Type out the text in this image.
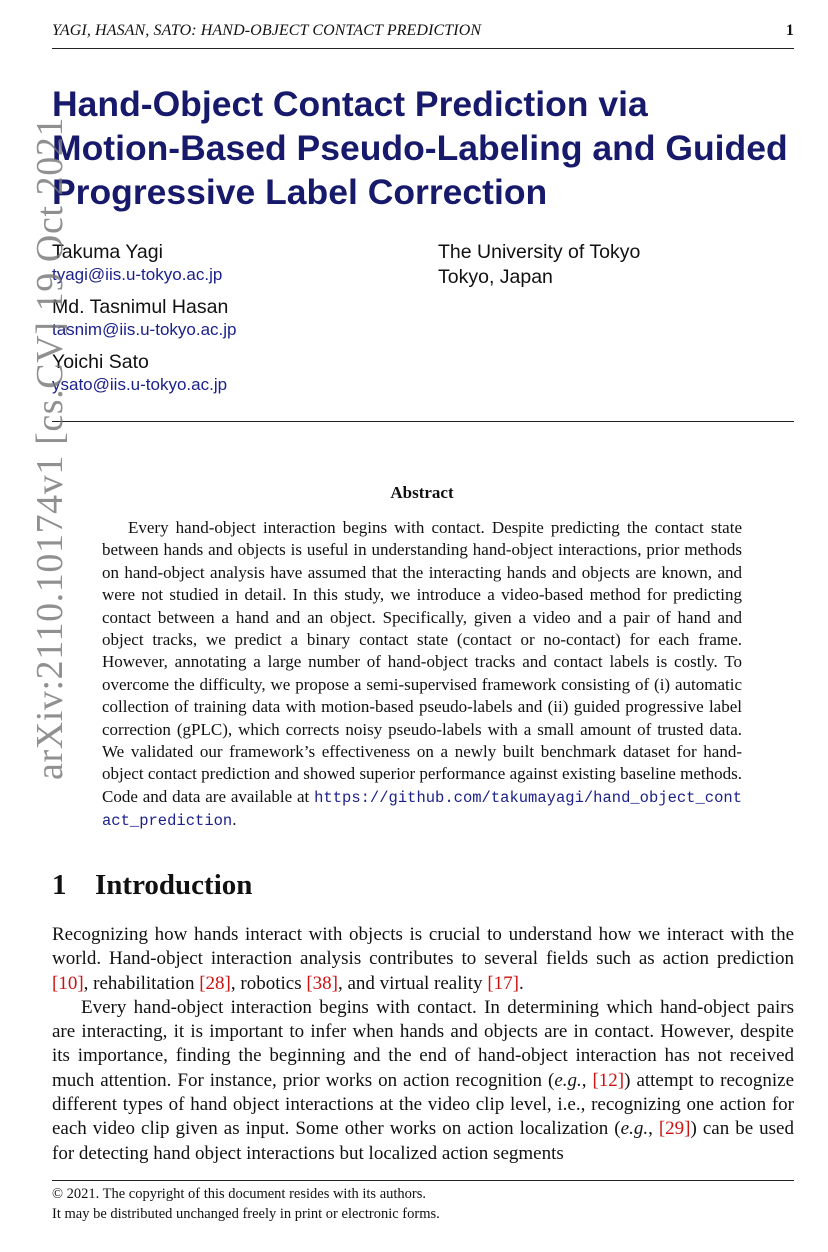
YAGI, HASAN, SATO: HAND-OBJECT CONTACT PREDICTION	1
Hand-Object Contact Prediction via
Motion-Based Pseudo-Labeling and Guided
Progressive Label Correction
Takuma Yagi
tyagi@iis.u-tokyo.ac.jp
Md. Tasnimul Hasan
tasnim@iis.u-tokyo.ac.jp
Yoichi Sato
ysato@iis.u-tokyo.ac.jp
The University of Tokyo
Tokyo, Japan
Abstract

Every hand-object interaction begins with contact. Despite predicting the contact state between hands and objects is useful in understanding hand-object interactions, prior methods on hand-object analysis have assumed that the interacting hands and objects are known, and were not studied in detail. In this study, we introduce a video-based method for predicting contact between a hand and an object. Specifically, given a video and a pair of hand and object tracks, we predict a binary contact state (contact or no-contact) for each frame. However, annotating a large number of hand-object tracks and contact labels is costly. To overcome the difficulty, we propose a semi-supervised framework consisting of (i) automatic collection of training data with motion-based pseudo-labels and (ii) guided progressive label correction (gPLC), which corrects noisy pseudo-labels with a small amount of trusted data. We validated our framework’s effectiveness on a newly built benchmark dataset for hand-object contact prediction and showed superior performance against existing baseline methods. Code and data are available at https://github.com/takumayagi/hand_object_contact_prediction.

1 Introduction

Recognizing how hands interact with objects is crucial to understand how we interact with the world. Hand-object interaction analysis contributes to several fields such as action prediction [10], rehabilitation [28], robotics [38], and virtual reality [17].

Every hand-object interaction begins with contact. In determining which hand-object pairs are interacting, it is important to infer when hands and objects are in contact. However, despite its importance, finding the beginning and the end of hand-object interaction has not received much attention. For instance, prior works on action recognition (e.g., [12]) attempt to recognize different types of hand object interactions at the video clip level, i.e., recognizing one action for each video clip given as input. Some other works on action localization (e.g., [29]) can be used for detecting hand object interactions but localized action segments

© 2021. The copyright of this document resides with its authors.
It may be distributed unchanged freely in print or electronic forms.
arXiv:2110.10174v1 [cs.CV] 19 Oct 2021
